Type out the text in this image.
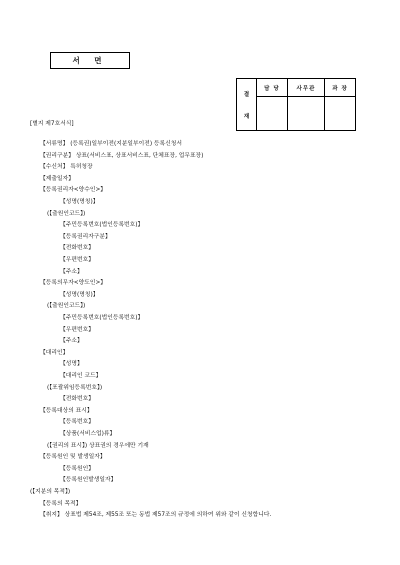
서 면
결
재	담 당	사무관	과 장

[별지 제7호서식]
【서류명】 (등록권)일부이전(지분일부이전) 등록신청서
【권리구분】 상표(서비스표, 상표서비스표, 단체표장, 업무표장)
【수신처】 특허청장
【제출일자】
【등록권리자<양수인>】
【성명(명칭)】
(【출원인코드】)
【주민등록번호(법인등록번호)】
【등록권리자구분】
【전화번호】
【우편번호】
【주소】
【등록의무자<양도인>】
【성명(명칭)】
(【출원인코드】)
【주민등록번호(법인등록번호)】
【우편번호】
【주소】
【대리인】
【성명】
【대리인 코드】
(【포괄위임등록번호】)
【전화번호】
【등록대상의 표시】
【등록번호】
【상품(서비스업)류】
(【권리의 표시】) 상표권의 경우에만 기재
【등록원인 및 발생일자】
【등록원인】
【등록원인발생일자】
(【지분의 목적】)
【등록의 목적】
【취지】 상표법 제54조, 제55조 또는 동법 제57조의 규정에 의하여 위와 같이 신청합니다.
